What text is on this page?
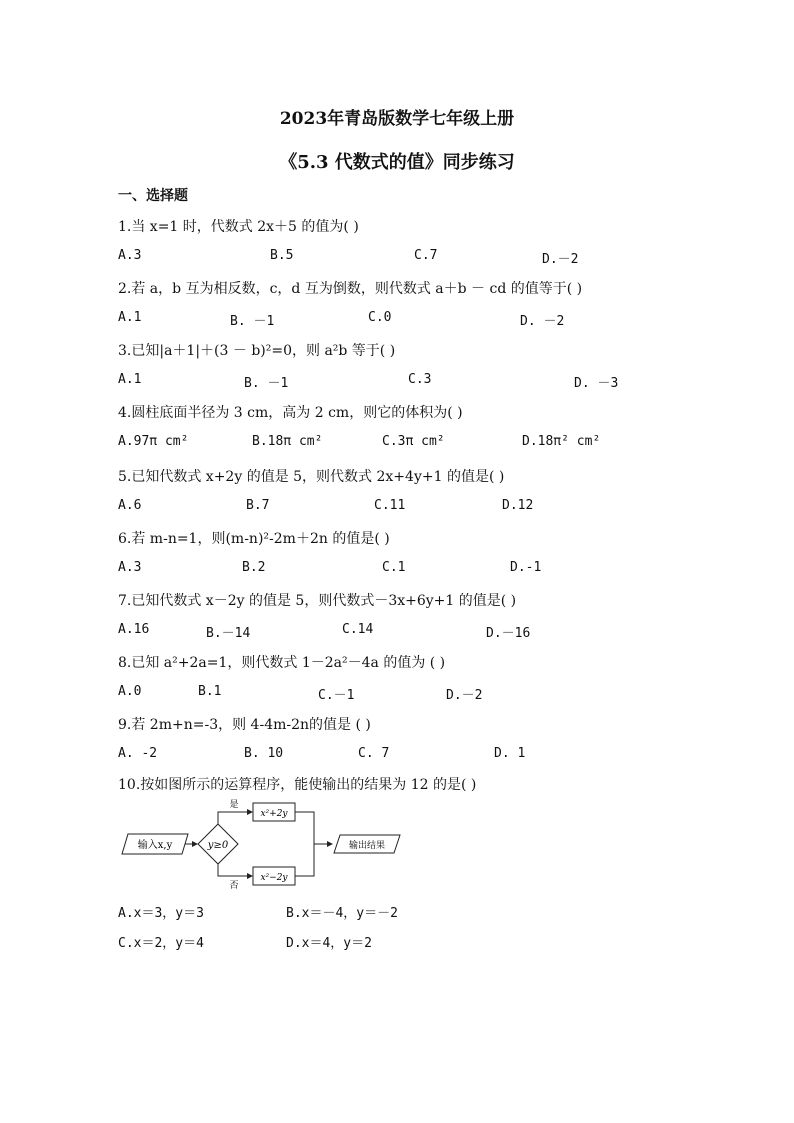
2023年青岛版数学七年级上册
《5.3 代数式的值》同步练习
一、选择题
1.当 x=1 时，代数式 2x＋5 的值为( )
A.3	B.5	C.7	D.－2
2.若 a，b 互为相反数，c，d 互为倒数，则代数式 a＋b － cd 的值等于( )
A.1	B. －1	C.0	D. －2
3.已知|a＋1|＋(3 － b)²=0，则 a²b 等于( )
A.1	B. －1	C.3	D. －3
4.圆柱底面半径为 3 cm，高为 2 cm，则它的体积为( )
A.97π cm²	B.18π cm²	C.3π cm²	D.18π² cm²
5.已知代数式 x+2y 的值是 5，则代数式 2x+4y+1 的值是( )
A.6	B.7	C.11	D.12
6.若 m-n=1，则(m-n)²-2m＋2n 的值是( )
A.3	B.2	C.1	D.-1
7.已知代数式 x－2y 的值是 5，则代数式－3x+6y+1 的值是( )
A.16	B.－14	C.14	D.－16
8.已知 a²+2a=1，则代数式 1－2a²－4a 的值为 ( )
A.0	B.1	C.－1	D.－2
9.若 2m+n=-3，则 4-4m-2n的值是 ( )
A. -2	B. 10	C. 7	D. 1
10.按如图所示的运算程序，能使输出的结果为 12 的是( )
输入x,y	y≥0
是
x²+2y
否
x²−2y
输出结果
A.x＝3，y＝3	B.x＝－4，y＝－2
C.x＝2，y＝4	D.x＝4，y＝2
